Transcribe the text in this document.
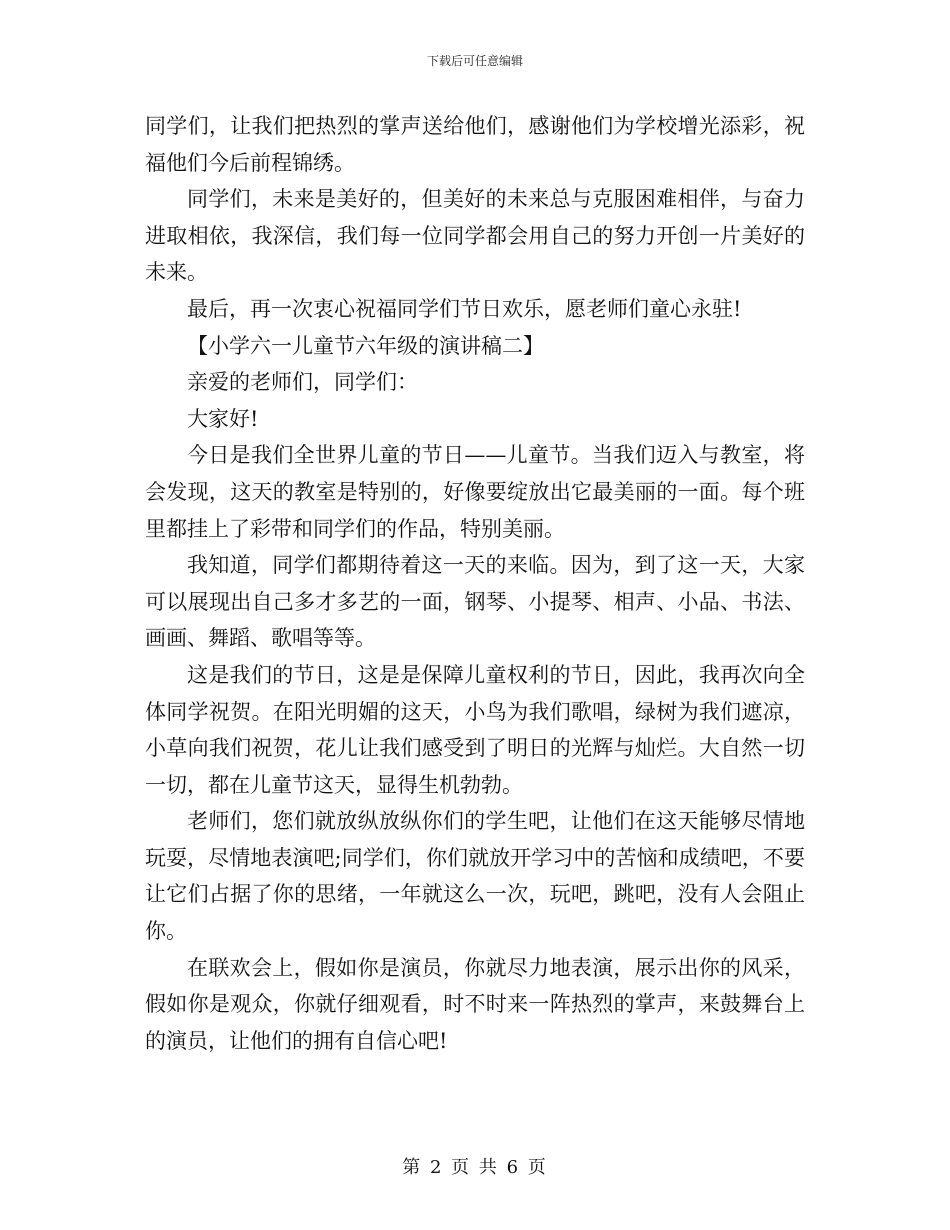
下载后可任意编辑

同学们，让我们把热烈的掌声送给他们，感谢他们为学校增光添彩，祝福他们今后前程锦绣。

同学们，未来是美好的，但美好的未来总与克服困难相伴，与奋力进取相依，我深信，我们每一位同学都会用自己的努力开创一片美好的未来。

最后，再一次衷心祝福同学们节日欢乐，愿老师们童心永驻!

【小学六一儿童节六年级的演讲稿二】

亲爱的老师们，同学们：

大家好!

今日是我们全世界儿童的节日——儿童节。当我们迈入与教室，将会发现，这天的教室是特别的，好像要绽放出它最美丽的一面。每个班里都挂上了彩带和同学们的作品，特别美丽。

我知道，同学们都期待着这一天的来临。因为，到了这一天，大家可以展现出自己多才多艺的一面，钢琴、小提琴、相声、小品、书法、画画、舞蹈、歌唱等等。

这是我们的节日，这是是保障儿童权利的节日，因此，我再次向全体同学祝贺。在阳光明媚的这天，小鸟为我们歌唱，绿树为我们遮凉，小草向我们祝贺，花儿让我们感受到了明日的光辉与灿烂。大自然一切一切，都在儿童节这天，显得生机勃勃。

老师们，您们就放纵放纵你们的学生吧，让他们在这天能够尽情地玩耍，尽情地表演吧;同学们，你们就放开学习中的苦恼和成绩吧，不要让它们占据了你的思绪，一年就这么一次，玩吧，跳吧，没有人会阻止你。

在联欢会上，假如你是演员，你就尽力地表演，展示出你的风采，假如你是观众，你就仔细观看，时不时来一阵热烈的掌声，来鼓舞台上的演员，让他们的拥有自信心吧!

第 2 页 共 6 页
